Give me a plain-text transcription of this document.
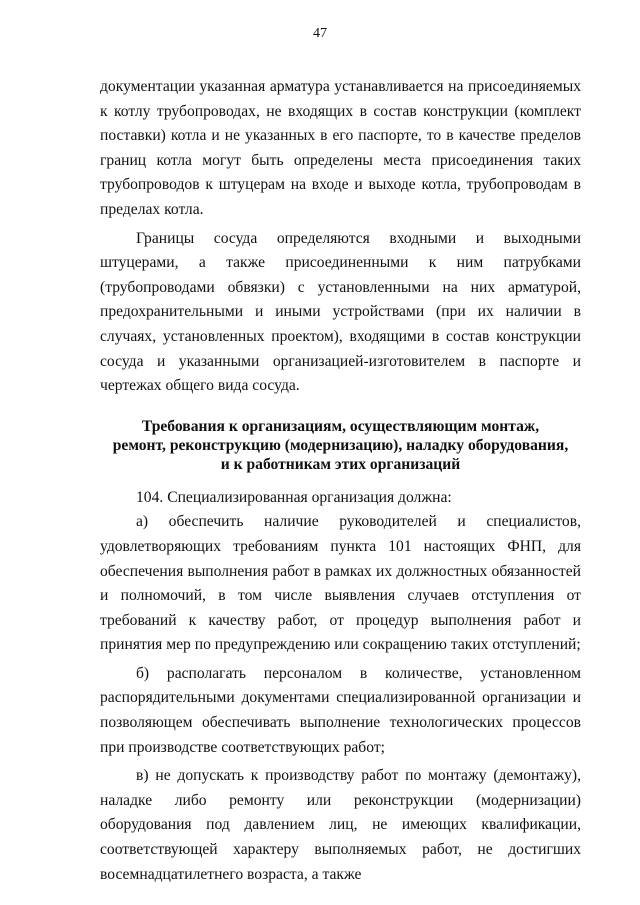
47

документации указанная арматура устанавливается на присоединяемых к котлу трубопроводах, не входящих в состав конструкции (комплект поставки) котла и не указанных в его паспорте, то в качестве пределов границ котла могут быть определены места присоединения таких трубопроводов к штуцерам на входе и выходе котла, трубопроводам в пределах котла.

Границы сосуда определяются входными и выходными штуцерами, а также присоединенными к ним патрубками (трубопроводами обвязки) с установленными на них арматурой, предохранительными и иными устройствами (при их наличии в случаях, установленных проектом), входящими в состав конструкции сосуда и указанными организацией-изготовителем в паспорте и чертежах общего вида сосуда.

Требования к организациям, осуществляющим монтаж,
ремонт, реконструкцию (модернизацию), наладку оборудования,
и к работникам этих организаций

104. Специализированная организация должна:

а) обеспечить наличие руководителей и специалистов, удовлетворяющих требованиям пункта 101 настоящих ФНП, для обеспечения выполнения работ в рамках их должностных обязанностей и полномочий, в том числе выявления случаев отступления от требований к качеству работ, от процедур выполнения работ и принятия мер по предупреждению или сокращению таких отступлений;

б) располагать персоналом в количестве, установленном распорядительными документами специализированной организации и позволяющем обеспечивать выполнение технологических процессов при производстве соответствующих работ;

в) не допускать к производству работ по монтажу (демонтажу), наладке либо ремонту или реконструкции (модернизации) оборудования под давлением лиц, не имеющих квалификации, соответствующей характеру выполняемых работ, не достигших восемнадцатилетнего возраста, а также
